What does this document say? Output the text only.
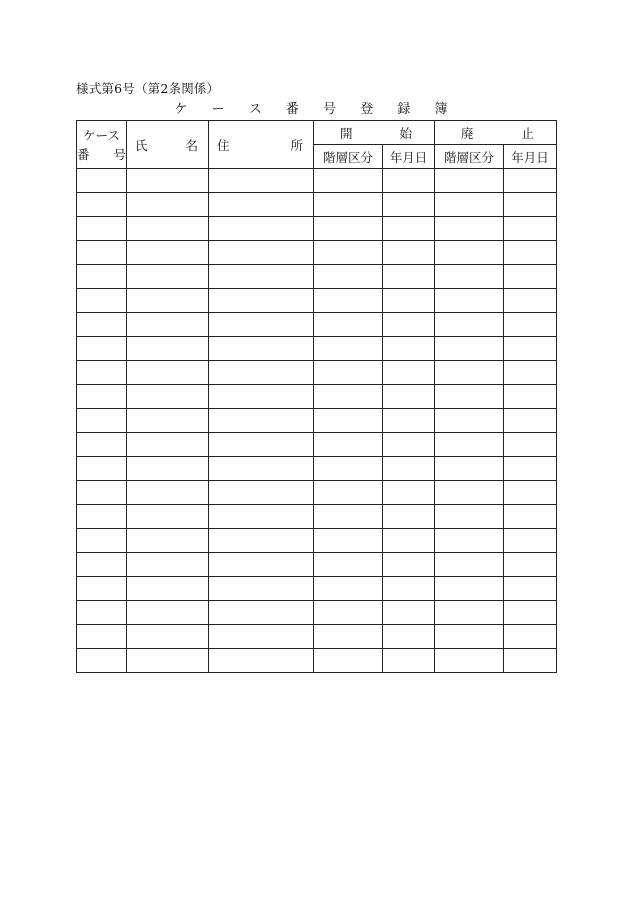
様式第6号（第2条関係）
ケ ー ス 番 号 登 録 簿
ケース
番 号	氏 名	住 所	開 始		廃 止	

			階層区分	年月日	階層区分	年月日
